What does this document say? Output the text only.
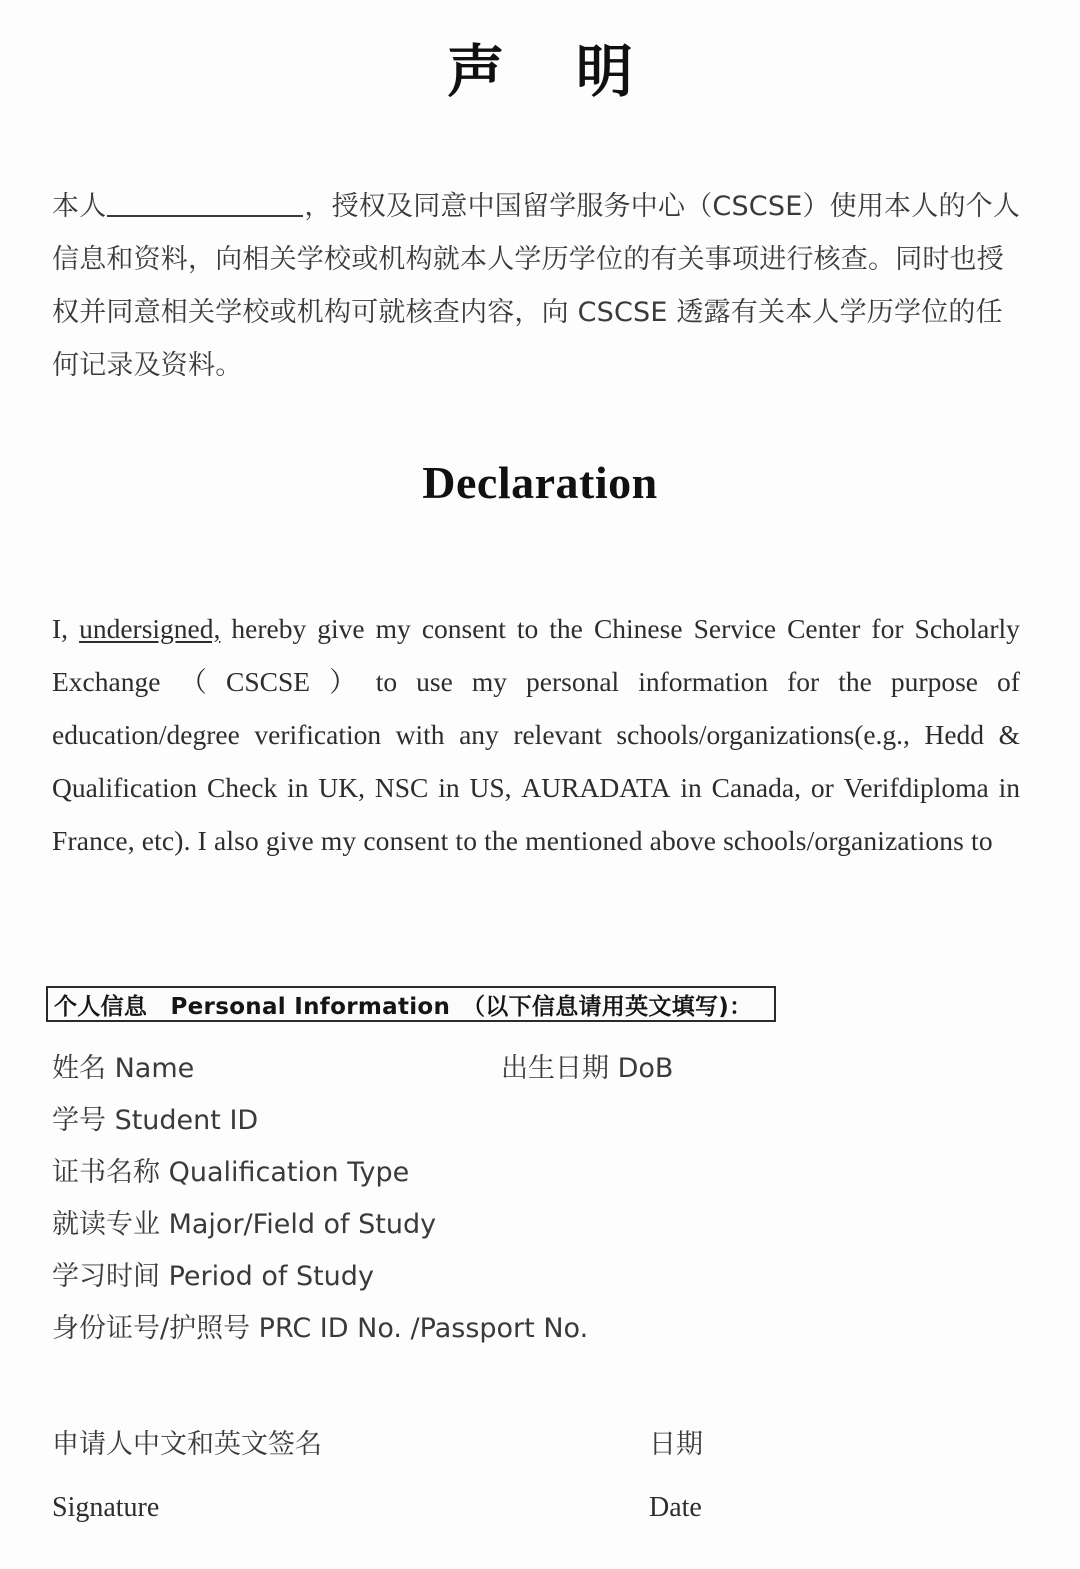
声 明
本人	，授权及同意中国留学服务中心（CSCSE）使用本人的个人
信息和资料，向相关学校或机构就本人学历学位的有关事项进行核查。同时也授
权并同意相关学校或机构可就核查内容，向 CSCSE 透露有关本人学历学位的任
何记录及资料。
Declaration
I, undersigned, hereby give my consent to the Chinese Service Center for Scholarly
Exchange （ CSCSE ） to use my personal information for the purpose of
education/degree verification with any relevant schools/organizations(e.g., Hedd &
Qualification Check in UK, NSC in US, AURADATA in Canada, or Verifdiploma in
France, etc). I also give my consent to the mentioned above schools/organizations to
个人信息　Personal Information　（以下信息请用英文填写)：
姓名 Name	出生日期 DoB
学号 Student ID
证书名称 Qualification Type
就读专业 Major/Field of Study
学习时间 Period of Study
身份证号/护照号 PRC ID No. /Passport No.
申请人中文和英文签名	日期
Signature	Date
